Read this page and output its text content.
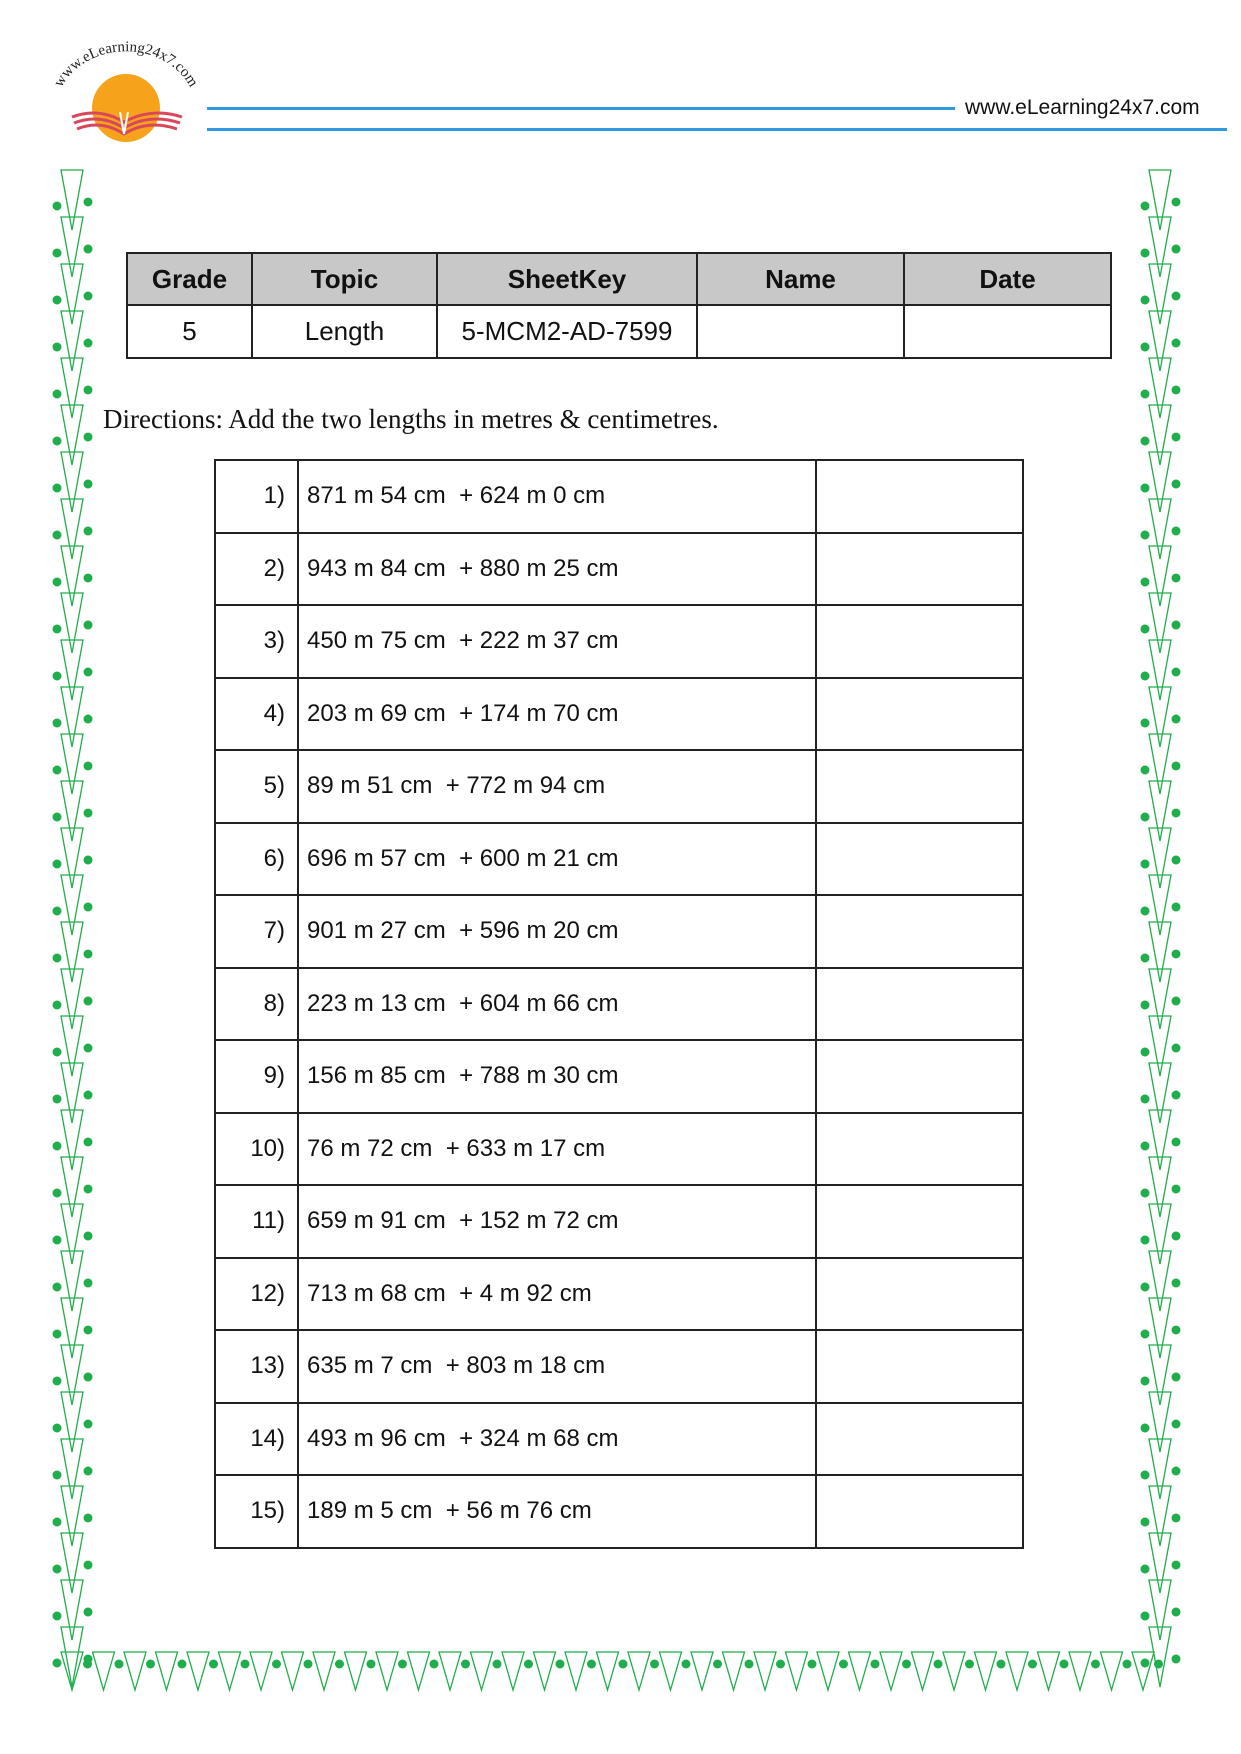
www.eLearning24x7.com
www.eLearning24x7.com
Grade	Topic	SheetKey	Name	Date
5	Length	5-MCM2-AD-7599		
Directions: Add the two lengths in metres & centimetres.
1)	871 m 54 cm  + 624 m 0 cm	
2)	943 m 84 cm  + 880 m 25 cm	
3)	450 m 75 cm  + 222 m 37 cm	
4)	203 m 69 cm  + 174 m 70 cm	
5)	89 m 51 cm  + 772 m 94 cm	
6)	696 m 57 cm  + 600 m 21 cm	
7)	901 m 27 cm  + 596 m 20 cm	
8)	223 m 13 cm  + 604 m 66 cm	
9)	156 m 85 cm  + 788 m 30 cm	
10)	76 m 72 cm  + 633 m 17 cm	
11)	659 m 91 cm  + 152 m 72 cm	
12)	713 m 68 cm  + 4 m 92 cm	
13)	635 m 7 cm  + 803 m 18 cm	
14)	493 m 96 cm  + 324 m 68 cm	
15)	189 m 5 cm  + 56 m 76 cm	
